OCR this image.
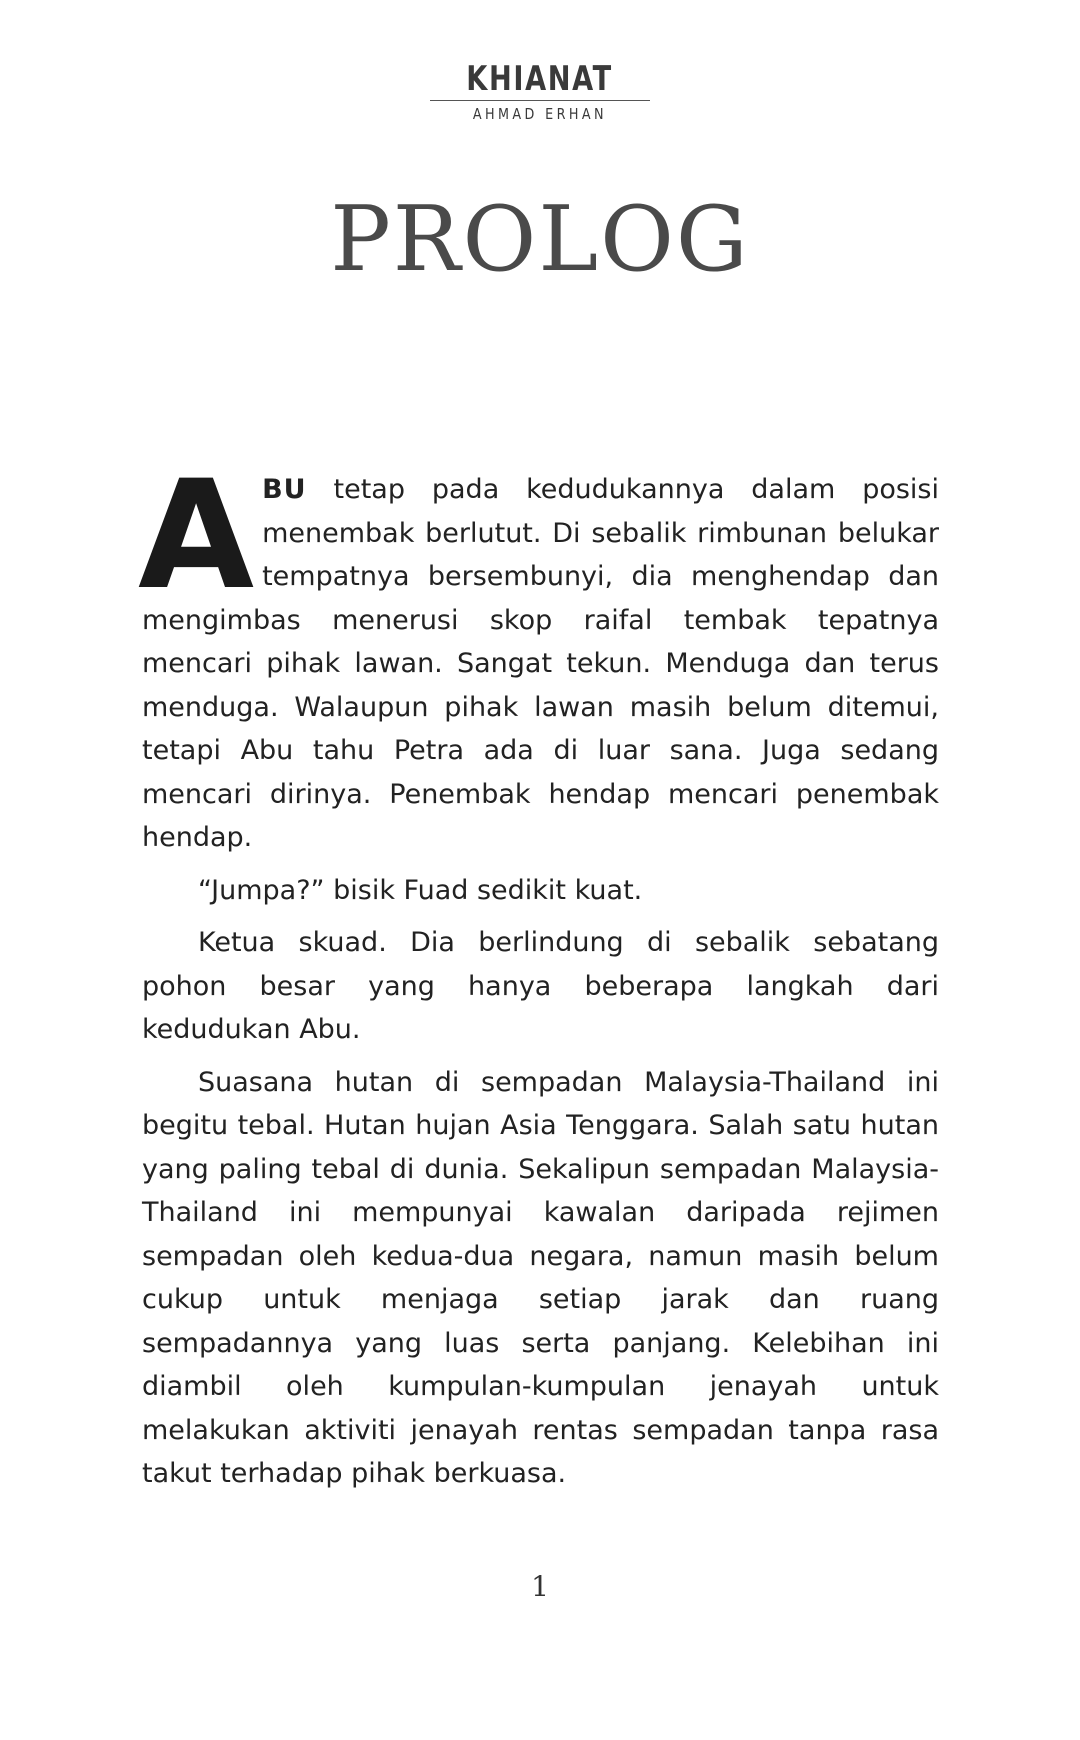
KHIANAT
AHMAD ERHAN
PROLOG

ABU tetap pada kedudukannya dalam posisi menembak berlutut. Di sebalik rimbunan belukar tempatnya bersembunyi, dia menghendap dan mengimbas menerusi skop raifal tembak tepatnya mencari pihak lawan. Sangat tekun. Menduga dan terus menduga. Walaupun pihak lawan masih belum ditemui, tetapi Abu tahu Petra ada di luar sana. Juga sedang mencari dirinya. Penembak hendap mencari penembak hendap.

“Jumpa?” bisik Fuad sedikit kuat.

Ketua skuad. Dia berlindung di sebalik sebatang pohon besar yang hanya beberapa langkah dari kedudukan Abu.

Suasana hutan di sempadan Malaysia-Thailand ini begitu tebal. Hutan hujan Asia Tenggara. Salah satu hutan yang paling tebal di dunia. Sekalipun sempadan Malaysia-Thailand ini mempunyai kawalan daripada rejimen sempadan oleh kedua-dua negara, namun masih belum cukup untuk menjaga setiap jarak dan ruang sempadannya yang luas serta panjang. Kelebihan ini diambil oleh kumpulan-kumpulan jenayah untuk melakukan aktiviti jenayah rentas sempadan tanpa rasa takut terhadap pihak berkuasa.

1
